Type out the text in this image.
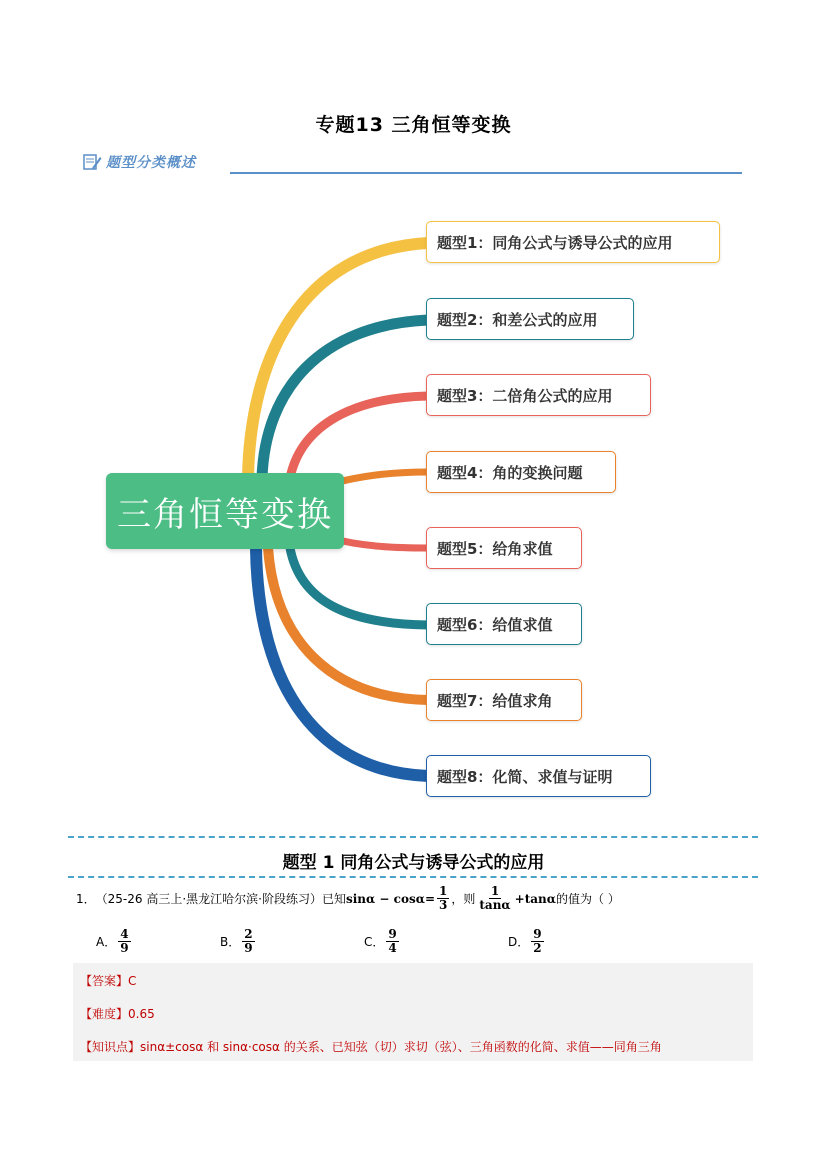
专题13 三角恒等变换
题型分类概述
三角恒等变换
题型1：同角公式与诱导公式的应用
题型2：和差公式的应用
题型3：二倍角公式的应用
题型4：角的变换问题
题型5：给角求值
题型6：给值求值
题型7：给值求角
题型8：化简、求值与证明
题型 1 同角公式与诱导公式的应用
1． （25-26 高三上·黑龙江哈尔滨·阶段练习）已知 $\sin\alpha - \cos\alpha = \frac{1}{3}$ ，则 $\frac{1}{\tan\alpha} + \tan\alpha$ 的值为（ ）
A． $\frac{4}{9}$	B． $\frac{2}{9}$	C． $\frac{9}{4}$	D． $\frac{9}{2}$
【答案】C
【难度】0.65
【知识点】sinα±cosα 和 sinα·cosα 的关系、已知弦（切）求切（弦）、三角函数的化简、求值——同角三角
